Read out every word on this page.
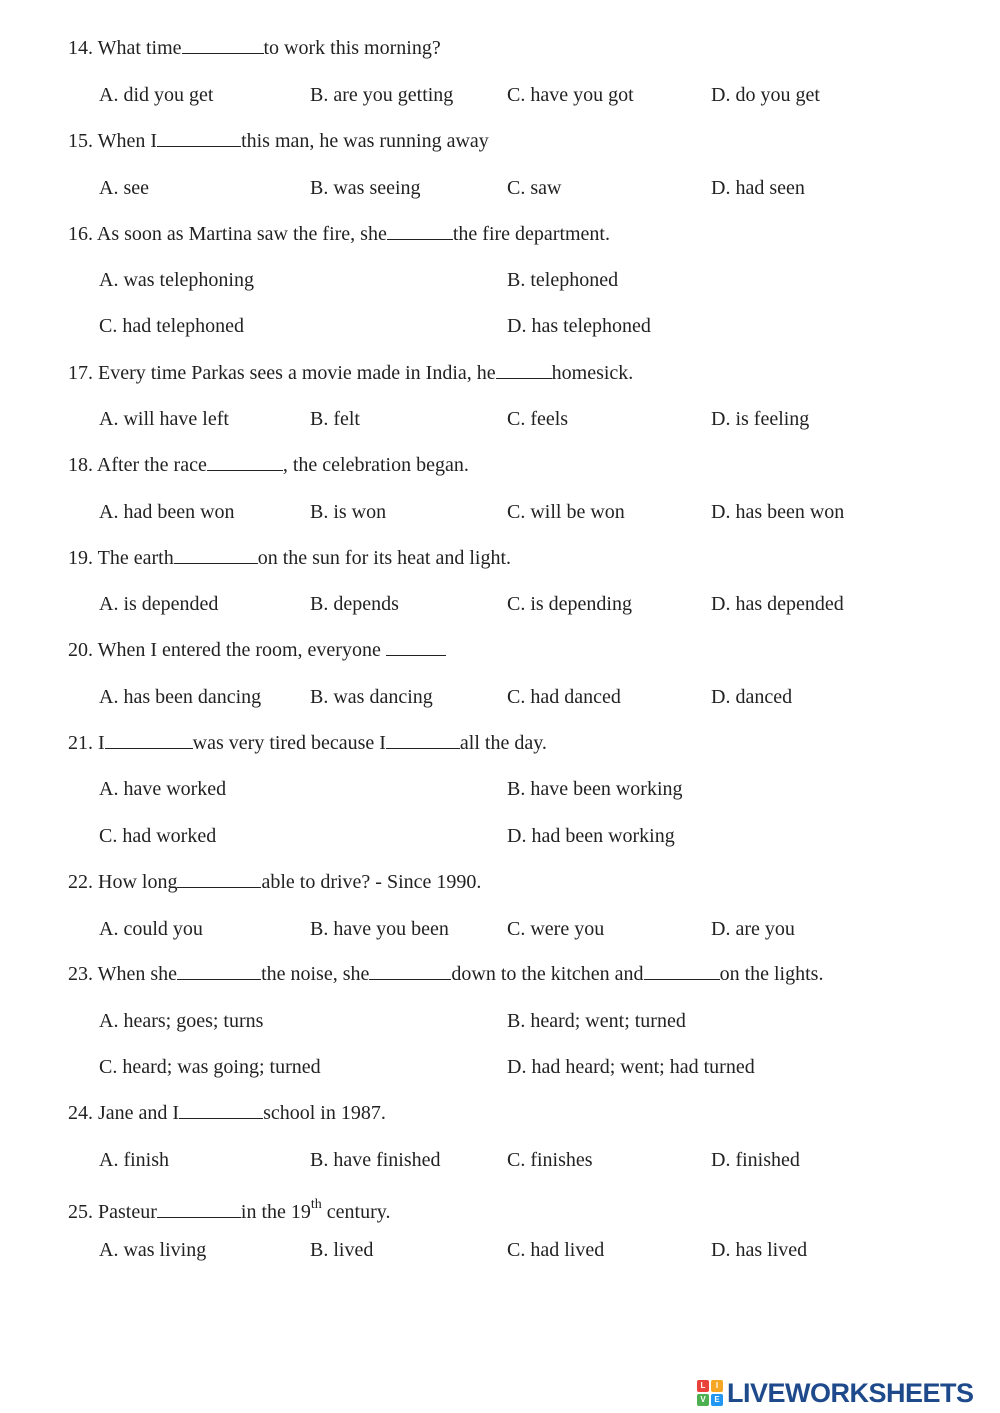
14. What time	to work this morning?
A. did you get	B. are you getting	C. have you got	D. do you get
15. When I	this man, he was running away
A. see	B. was seeing	C. saw	D. had seen
16. As soon as Martina saw the fire, she	the fire department.
A. was telephoning	B. telephoned
C. had telephoned	D. has telephoned
17. Every time Parkas sees a movie made in India, he	homesick.
A. will have left	B. felt	C. feels	D. is feeling
18. After the race	, the celebration began.
A. had been won	B. is won	C. will be won	D. has been won
19. The earth	on the sun for its heat and light.
A. is depended	B. depends	C. is depending	D. has depended
20. When I entered the room, everyone
A. has been dancing B. was dancing	C. had danced	D. danced
21. I	was very tired because I	all the day.
A. have worked	B. have been working
C. had worked	D. had been working
22. How long	able to drive? - Since 1990.
A. could you	B. have you been	C. were you	D. are you
23. When she	the noise, she	down to the kitchen and	on the lights.
A. hears; goes; turns	B. heard; went; turned
C. heard; was going; turned	D. had heard; went; had turned
24. Jane and I	school in 1987.
A. finish	B. have finished	C. finishes	D. finished
25. Pasteur	in the 19th century.
A. was living	B. lived	C. had lived	D. has lived
L	I
V	E LIVEWORKSHEETS
